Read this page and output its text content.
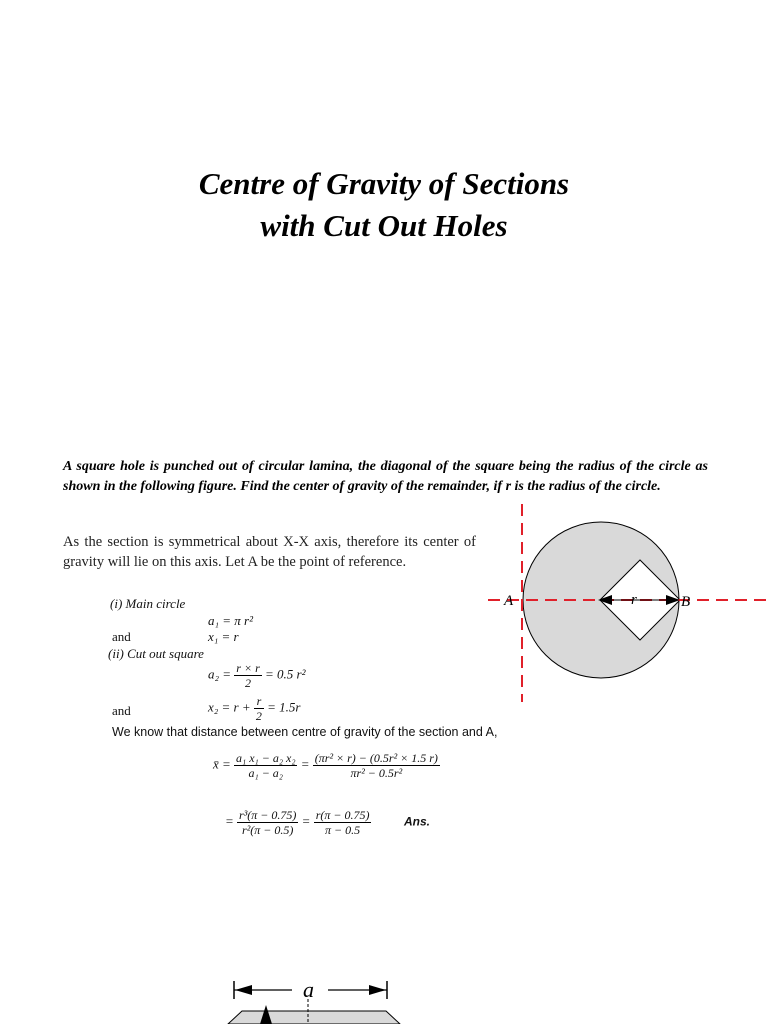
Centre of Gravity of Sections
with Cut Out Holes
A square hole is punched out of circular lamina, the diagonal of the square being the radius of the circle as shown in the following figure. Find the center of gravity of the remainder, if r is the radius of the circle.
As the section is symmetrical about X-X axis, therefore its center of gravity will lie on this axis. Let A be the point of reference.
(i) Main circle
a₁ = π r²
and	x₁ = r
(ii) Cut out square
$a_2 = \frac{r \times r}{2} = 0.5$ r²
and	$x_2 = r + \frac{r}{2} = 1.5r$
We know that distance between centre of gravity of the section and A,
x̄ = $\frac{\text{a₁ x₁ − a₂ x₂}}{\text{a₁ − a₂}} = \frac{\text{(πr² × r) − (0.5r² × 1.5 r)}}{\text{πr² − 0.5r²}}$
= $\frac{\text{r³(π − 0.75)}}{\text{r²(π − 0.5)}} = \frac{r(\pi - 0.75)}{\pi - 0.5}$	Ans.
A	B
r
a
